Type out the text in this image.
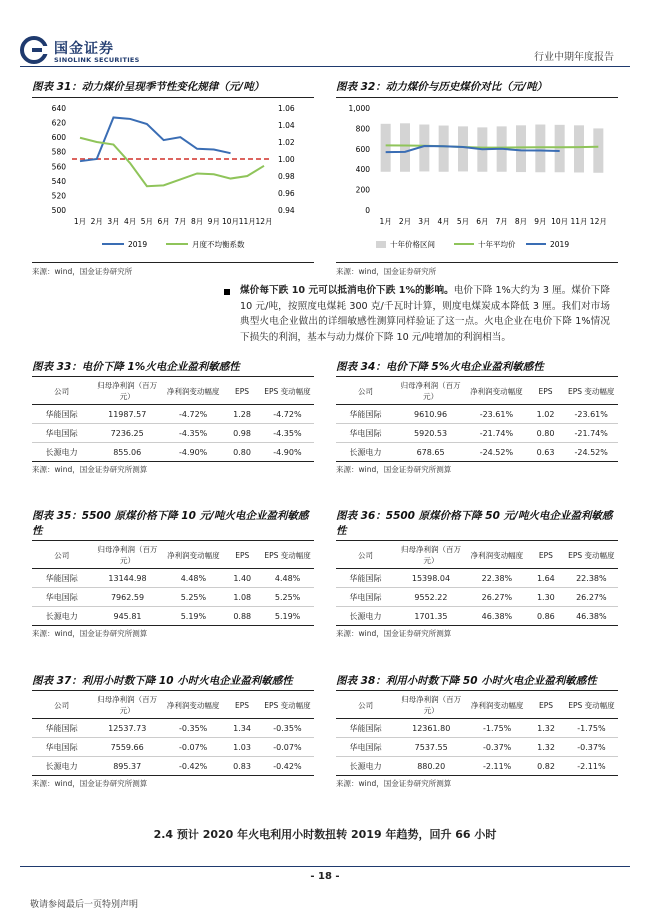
国金证券
SINOLINK SECURITIES	行业中期年度报告
图表 31：动力煤价呈现季节性变化规律（元/吨）
500
520
540
560
580
600
620
640
0.94
0.96
0.98
1.00
1.02
1.04
1.06
1月 2月 3月 4月 5月 6月 7月 8月 9月 10月 11月 12月
2019	月度不均衡系数
来源：wind，国金证券研究所
图表 32：动力煤价与历史煤价对比（元/吨）
0
200
400
600
800
1,000
1月 2月 3月 4月 5月 6月 7月 8月 9月 10月 11月 12月
十年价格区间	十年平均价	2019
来源：wind，国金证券研究所
煤价每下跌 10 元可以抵消电价下跌 1%的影响。电价下降 1%大约为 3 厘。煤价下降 10 元/吨，按照度电煤耗 300 克/千瓦时计算，则度电煤炭成本降低 3 厘。我们对市场典型火电企业做出的详细敏感性测算同样验证了这一点。火电企业在电价下降 1%情况下损失的利润，基本与动力煤价下降 10 元/吨增加的利润相当。
图表 33：电价下降 1%火电企业盈利敏感性
公司	归母净利润（百万元）	净利润变动幅度	EPS	EPS 变动幅度
华能国际	11987.57	-4.72%	1.28	-4.72%
华电国际	7236.25	-4.35%	0.98	-4.35%
长源电力	855.06	-4.90%	0.80	-4.90%
来源：wind，国金证券研究所测算
图表 34：电价下降 5%火电企业盈利敏感性
公司	归母净利润（百万元）	净利润变动幅度	EPS	EPS 变动幅度
华能国际	9610.96	-23.61%	1.02	-23.61%
华电国际	5920.53	-21.74%	0.80	-21.74%
长源电力	678.65	-24.52%	0.63	-24.52%
来源：wind，国金证券研究所测算
图表 35：5500 原煤价格下降 10 元/吨火电企业盈利敏感性
公司	归母净利润（百万元）	净利润变动幅度	EPS	EPS 变动幅度
华能国际	13144.98	4.48%	1.40	4.48%
华电国际	7962.59	5.25%	1.08	5.25%
长源电力	945.81	5.19%	0.88	5.19%
来源：wind，国金证券研究所测算
图表 36：5500 原煤价格下降 50 元/吨火电企业盈利敏感性
公司	归母净利润（百万元）	净利润变动幅度	EPS	EPS 变动幅度
华能国际	15398.04	22.38%	1.64	22.38%
华电国际	9552.22	26.27%	1.30	26.27%
长源电力	1701.35	46.38%	0.86	46.38%
来源：wind，国金证券研究所测算
图表 37：利用小时数下降 10 小时火电企业盈利敏感性
公司	归母净利润（百万元）	净利润变动幅度	EPS	EPS 变动幅度
华能国际	12537.73	-0.35%	1.34	-0.35%
华电国际	7559.66	-0.07%	1.03	-0.07%
长源电力	895.37	-0.42%	0.83	-0.42%
来源：wind，国金证券研究所测算
图表 38：利用小时数下降 50 小时火电企业盈利敏感性
公司	归母净利润（百万元）	净利润变动幅度	EPS	EPS 变动幅度
华能国际	12361.80	-1.75%	1.32	-1.75%
华电国际	7537.55	-0.37%	1.32	-0.37%
长源电力	880.20	-2.11%	0.82	-2.11%
来源：wind，国金证券研究所测算
2.4 预计 2020 年火电利用小时数扭转 2019 年趋势，回升 66 小时
- 18 -
敬请参阅最后一页特别声明
